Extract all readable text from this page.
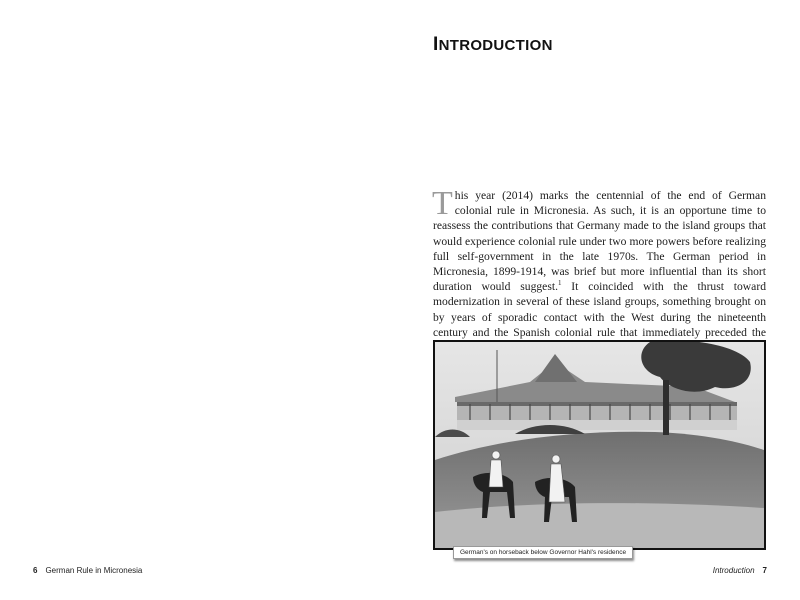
6 German Rule in Micronesia
INTRODUCTION

This year (2014) marks the centennial of the end of German colonial rule in Micronesia. As such, it is an opportune time to reassess the contributions that Germany made to the island groups that would experience colonial rule under two more powers before realizing full self-government in the late 1970s. The German period in Micronesia, 1899-1914, was brief but more influential than its short duration would suggest.$^1$ It coincided with the thrust toward modernization in several of these island groups, something brought on by years of sporadic contact with the West during the nineteenth century and the Spanish colonial rule that immediately preceded the

German's on horseback below Governor Hahl's residence
Introduction 7
